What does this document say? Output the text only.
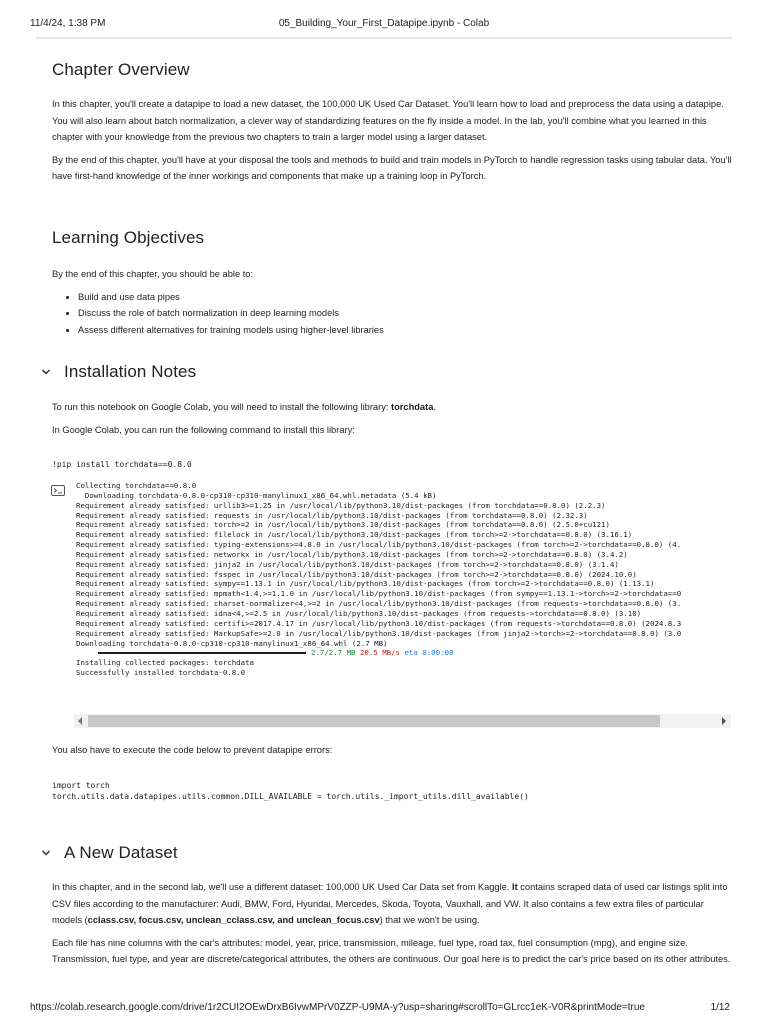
11/4/24, 1:38 PM	05_Building_Your_First_Datapipe.ipynb - Colab
Chapter Overview

In this chapter, you'll create a datapipe to load a new dataset, the 100,000 UK Used Car Dataset. You'll learn how to load and preprocess the data using a datapipe. You will also learn about batch normalization, a clever way of standardizing features on the fly inside a model. In the lab, you'll combine what you learned in this chapter with your knowledge from the previous two chapters to train a larger model using a larger dataset.

By the end of this chapter, you'll have at your disposal the tools and methods to build and train models in PyTorch to handle regression tasks using tabular data. You'll have first-hand knowledge of the inner workings and components that make up a training loop in PyTorch.

Learning Objectives

By the end of this chapter, you should be able to:

• Build and use data pipes
• Discuss the role of batch normalization in deep learning models
• Assess different alternatives for training models using higher-level libraries
Installation Notes

To run this notebook on Google Colab, you will need to install the following library: torchdata.

In Google Colab, you can run the following command to install this library:

!pip install torchdata==0.8.0
Collecting torchdata==0.8.0
Downloading torchdata-0.8.0-cp310-cp310-manylinux1_x86_64.whl.metadata (5.4 kB)
Requirement already satisfied: urllib3>=1.25 in /usr/local/lib/python3.10/dist-packages (from torchdata==0.8.0) (2.2.3)
Requirement already satisfied: requests in /usr/local/lib/python3.10/dist-packages (from torchdata==0.8.0) (2.32.3)
Requirement already satisfied: torch>=2 in /usr/local/lib/python3.10/dist-packages (from torchdata==0.8.0) (2.5.0+cu121)
Requirement already satisfied: filelock in /usr/local/lib/python3.10/dist-packages (from torch>=2->torchdata==0.8.0) (3.16.1)
Requirement already satisfied: typing-extensions>=4.8.0 in /usr/local/lib/python3.10/dist-packages (from torch>=2->torchdata==0.8.0) (4.
Requirement already satisfied: networkx in /usr/local/lib/python3.10/dist-packages (from torch>=2->torchdata==0.8.0) (3.4.2)
Requirement already satisfied: jinja2 in /usr/local/lib/python3.10/dist-packages (from torch>=2->torchdata==0.8.0) (3.1.4)
Requirement already satisfied: fsspec in /usr/local/lib/python3.10/dist-packages (from torch>=2->torchdata==0.8.0) (2024.10.0)
Requirement already satisfied: sympy==1.13.1 in /usr/local/lib/python3.10/dist-packages (from torch>=2->torchdata==0.8.0) (1.13.1)
Requirement already satisfied: mpmath<1.4,>=1.1.0 in /usr/local/lib/python3.10/dist-packages (from sympy==1.13.1->torch>=2->torchdata==0
Requirement already satisfied: charset-normalizer<4,>=2 in /usr/local/lib/python3.10/dist-packages (from requests->torchdata==0.8.0) (3.
Requirement already satisfied: idna<4,>=2.5 in /usr/local/lib/python3.10/dist-packages (from requests->torchdata==0.8.0) (3.10)
Requirement already satisfied: certifi>=2017.4.17 in /usr/local/lib/python3.10/dist-packages (from requests->torchdata==0.8.0) (2024.8.3
Requirement already satisfied: MarkupSafe>=2.0 in /usr/local/lib/python3.10/dist-packages (from jinja2->torch>=2->torchdata==0.8.0) (3.0
Downloading torchdata-0.8.0-cp310-cp310-manylinux1_x86_64.whl (2.7 MB)
2.7/2.7 MB
20.5 MB/s
eta 0:00:00
Installing collected packages: torchdata
Successfully installed torchdata-0.8.0

You also have to execute the code below to prevent datapipe errors:

import torch
torch.utils.data.datapipes.utils.common.DILL_AVAILABLE = torch.utils._import_utils.dill_available()
A New Dataset

In this chapter, and in the second lab, we'll use a different dataset: 100,000 UK Used Car Data set from Kaggle. It contains scraped data of used car listings split into CSV files according to the manufacturer: Audi, BMW, Ford, Hyundai, Mercedes, Skoda, Toyota, Vauxhall, and VW. It also contains a few extra files of particular models (cclass.csv, focus.csv, unclean_cclass.csv, and unclean_focus.csv) that we won't be using.

Each file has nine columns with the car's attributes: model, year, price, transmission, mileage, fuel type, road tax, fuel consumption (mpg), and engine size. Transmission, fuel type, and year are discrete/categorical attributes, the others are continuous. Our goal here is to predict the car's price based on its other attributes.

https://colab.research.google.com/drive/1r2CUI2OEwDrxB6IvwMPrV0ZZP-U9MA-y?usp=sharing#scrollTo=GLrcc1eK-V0R&printMode=true	1/12
